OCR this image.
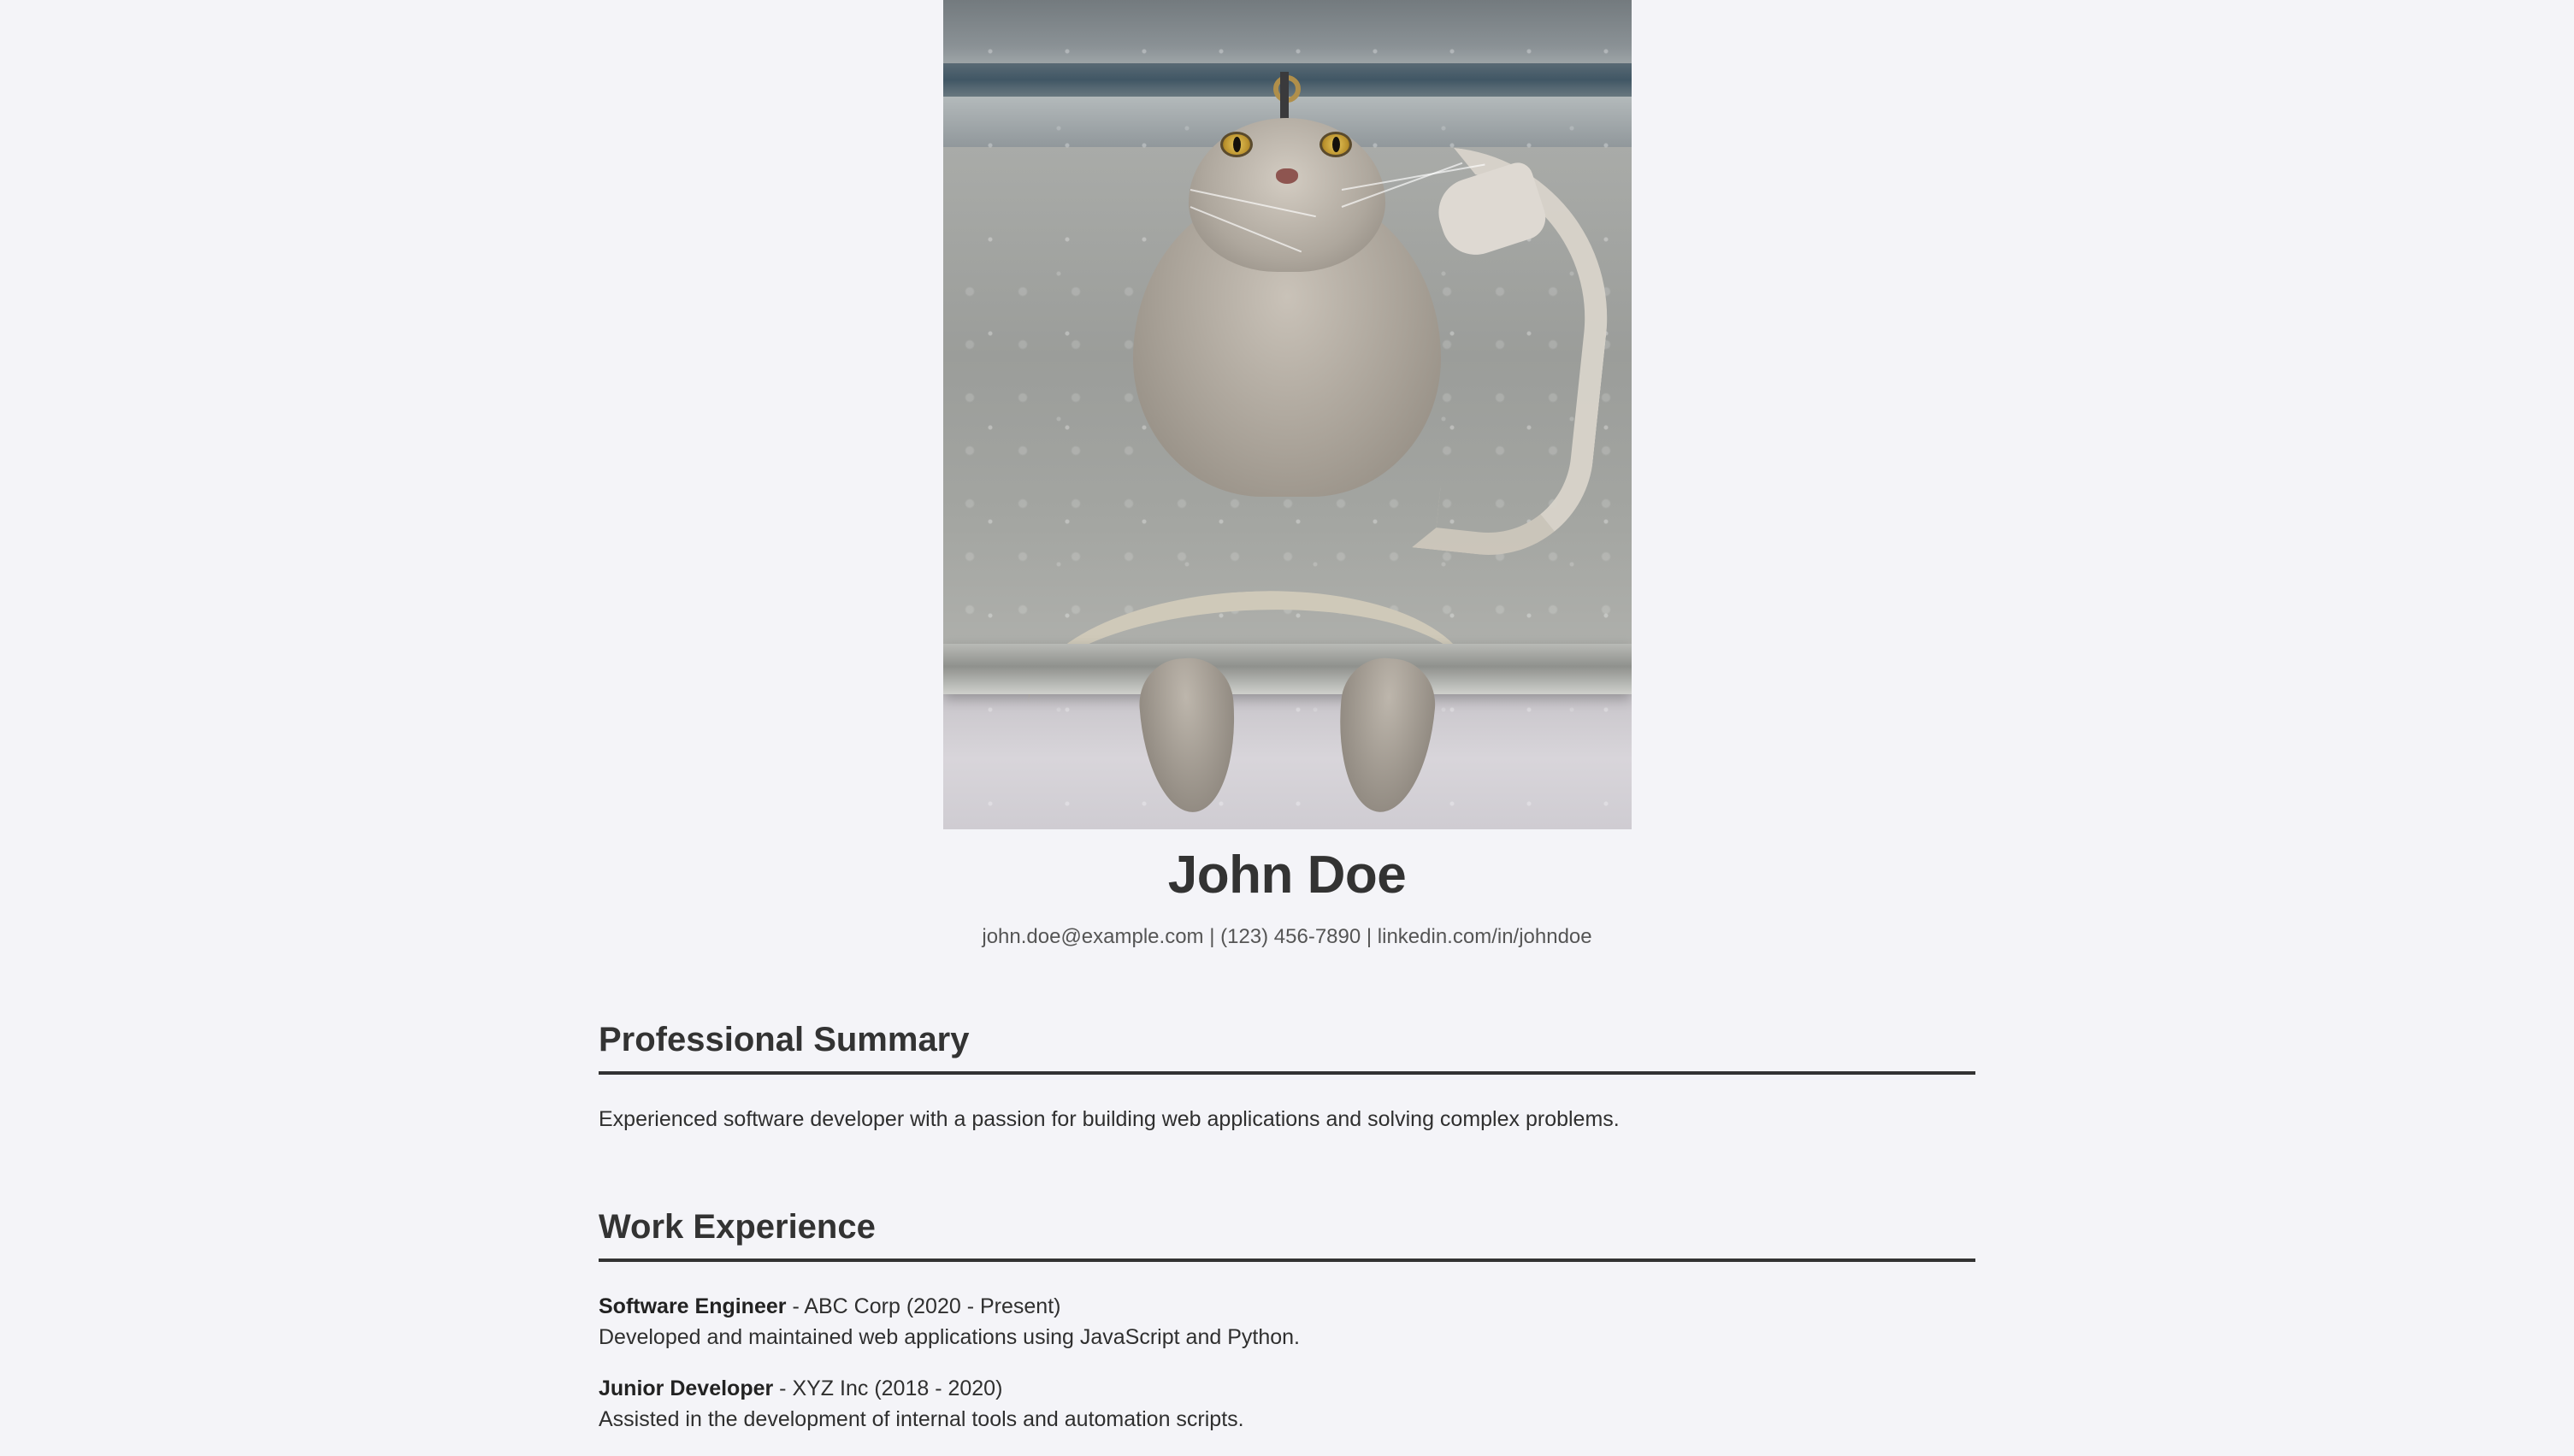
John Doe
john.doe@example.com | (123) 456-7890 | linkedin.com/in/johndoe
Professional Summary

Experienced software developer with a passion for building web applications and solving complex problems.

Work Experience
Software Engineer - ABC Corp (2020 - Present)
Developed and maintained web applications using JavaScript and Python.
Junior Developer - XYZ Inc (2018 - 2020)
Assisted in the development of internal tools and automation scripts.
